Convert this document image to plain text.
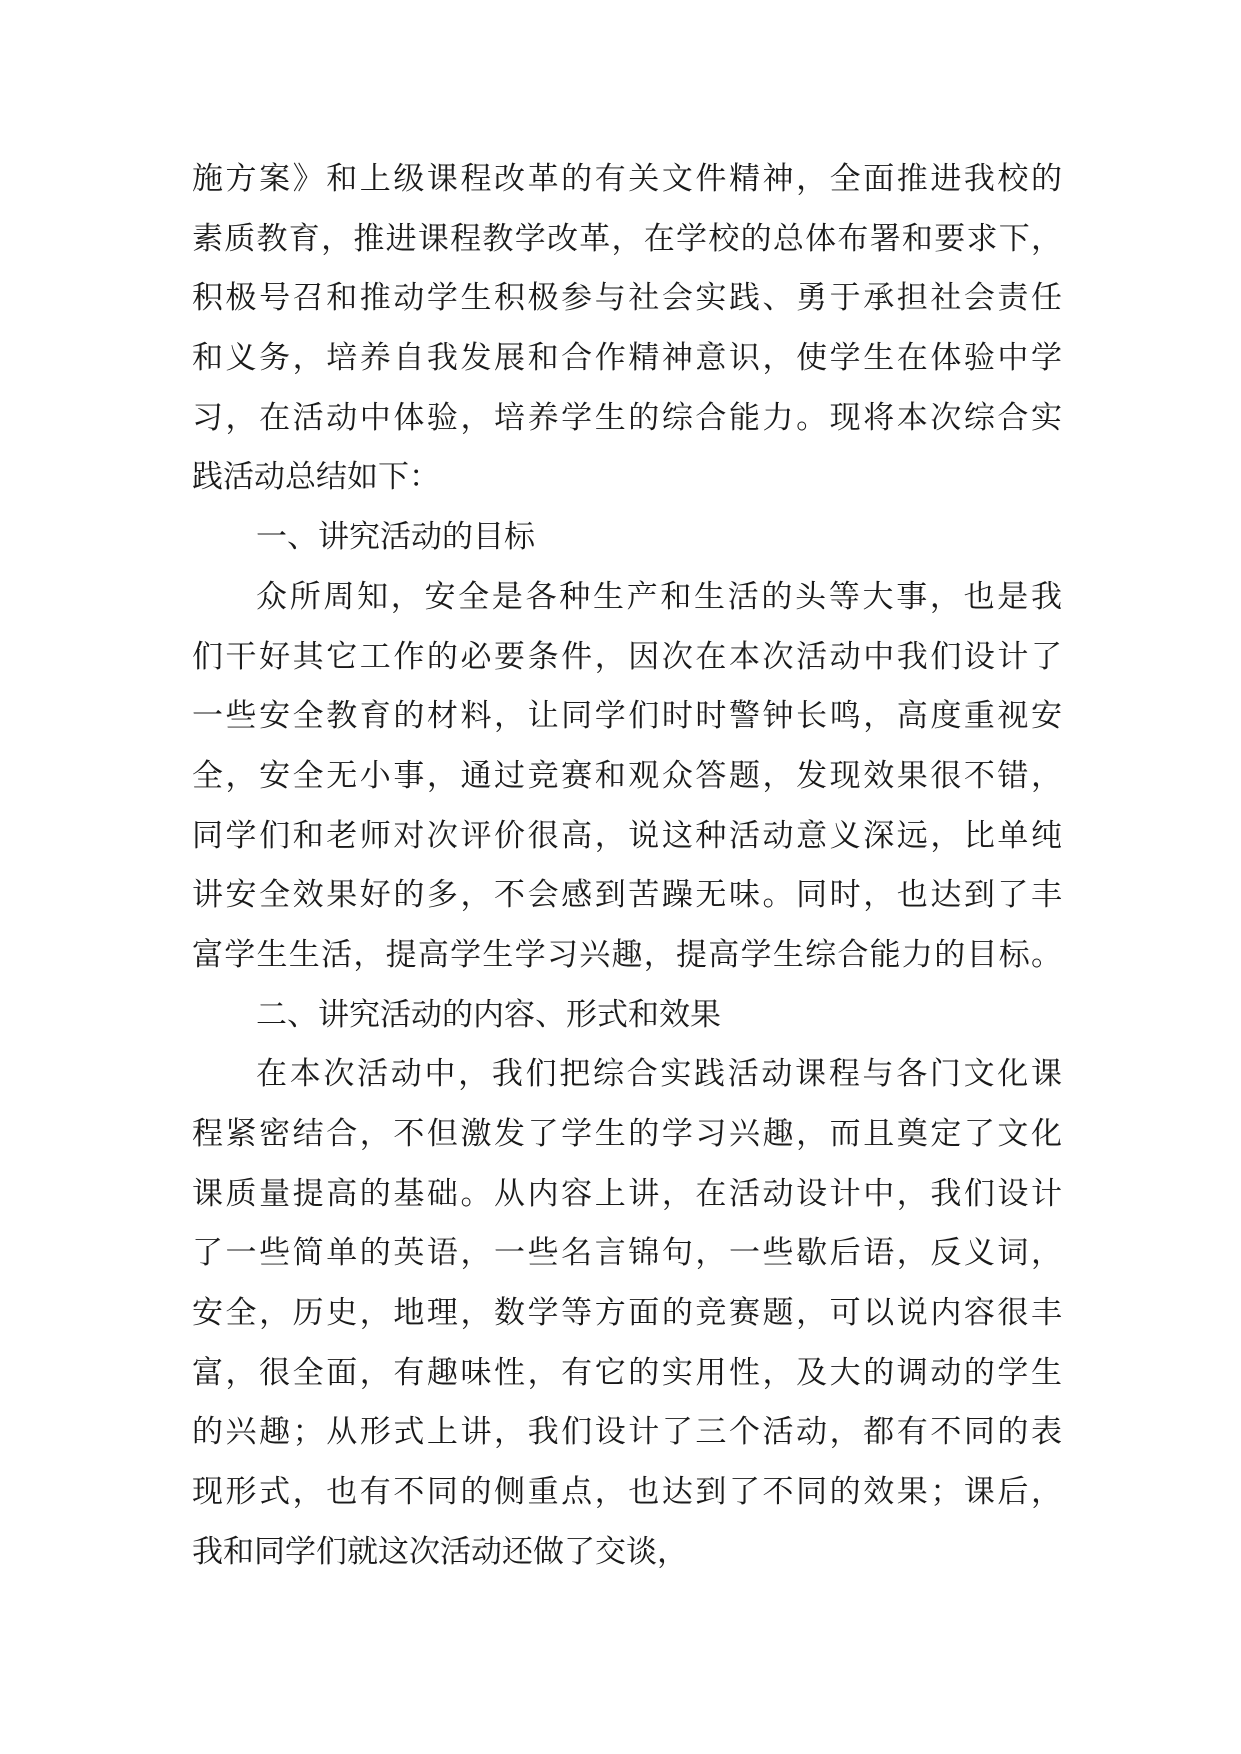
施方案》和上级课程改革的有关文件精神，全面推进我校的
素质教育，推进课程教学改革，在学校的总体布署和要求下，
积极号召和推动学生积极参与社会实践、勇于承担社会责任
和义务，培养自我发展和合作精神意识，使学生在体验中学
习，在活动中体验，培养学生的综合能力。现将本次综合实
践活动总结如下：
一、讲究活动的目标
众所周知，安全是各种生产和生活的头等大事，也是我
们干好其它工作的必要条件，因次在本次活动中我们设计了
一些安全教育的材料，让同学们时时警钟长鸣，高度重视安
全，安全无小事，通过竞赛和观众答题，发现效果很不错，
同学们和老师对次评价很高，说这种活动意义深远，比单纯
讲安全效果好的多，不会感到苦躁无味。同时，也达到了丰
富学生生活，提高学生学习兴趣，提高学生综合能力的目标。
二、讲究活动的内容、形式和效果
在本次活动中，我们把综合实践活动课程与各门文化课
程紧密结合，不但激发了学生的学习兴趣，而且奠定了文化
课质量提高的基础。从内容上讲，在活动设计中，我们设计
了一些简单的英语，一些名言锦句，一些歇后语，反义词，
安全，历史，地理，数学等方面的竞赛题，可以说内容很丰
富，很全面，有趣味性，有它的实用性，及大的调动的学生
的兴趣；从形式上讲，我们设计了三个活动，都有不同的表
现形式，也有不同的侧重点，也达到了不同的效果；课后，
我和同学们就这次活动还做了交谈，
